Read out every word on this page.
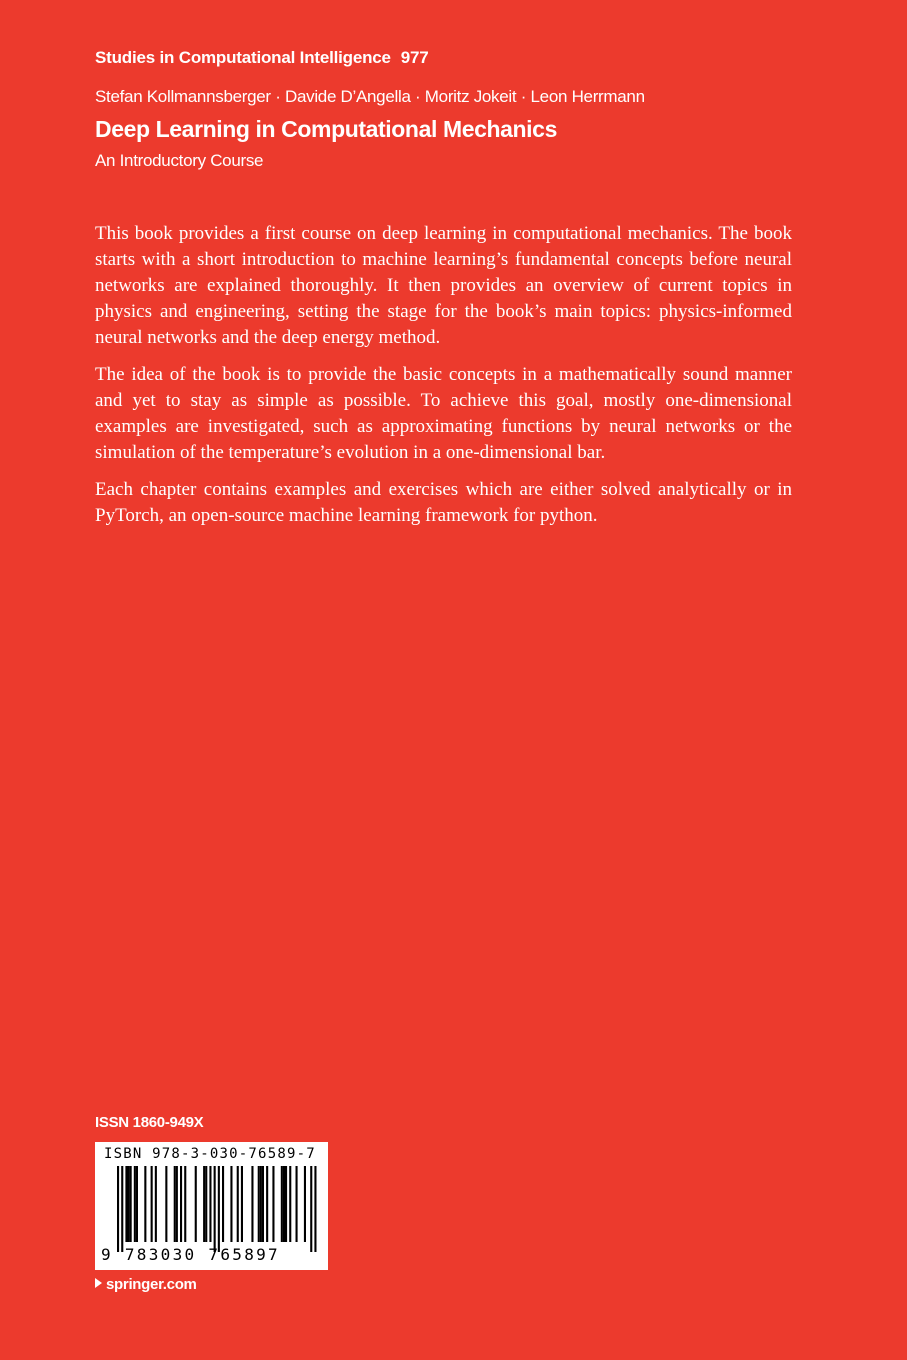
Studies in Computational Intelligence 977
Stefan Kollmannsberger · Davide D’Angella · Moritz Jokeit · Leon Herrmann
Deep Learning in Computational Mechanics
An Introductory Course

This book provides a first course on deep learning in computational mechanics. The book starts with a short introduction to machine learning’s fundamental concepts before neural networks are explained thoroughly. It then provides an overview of current topics in physics and engineering, setting the stage for the book’s main topics: physics-informed neural networks and the deep energy method.

The idea of the book is to provide the basic concepts in a mathematically sound manner and yet to stay as simple as possible. To achieve this goal, mostly one-dimensional examples are investigated, such as approximating functions by neural networks or the simulation of the temperature’s evolution in a one-dimensional bar.

Each chapter contains examples and exercises which are either solved analytically or in PyTorch, an open-source machine learning framework for python.

ISSN 1860-949X
ISBN 978-3-030-76589-7
9 783030 765897
springer.com
